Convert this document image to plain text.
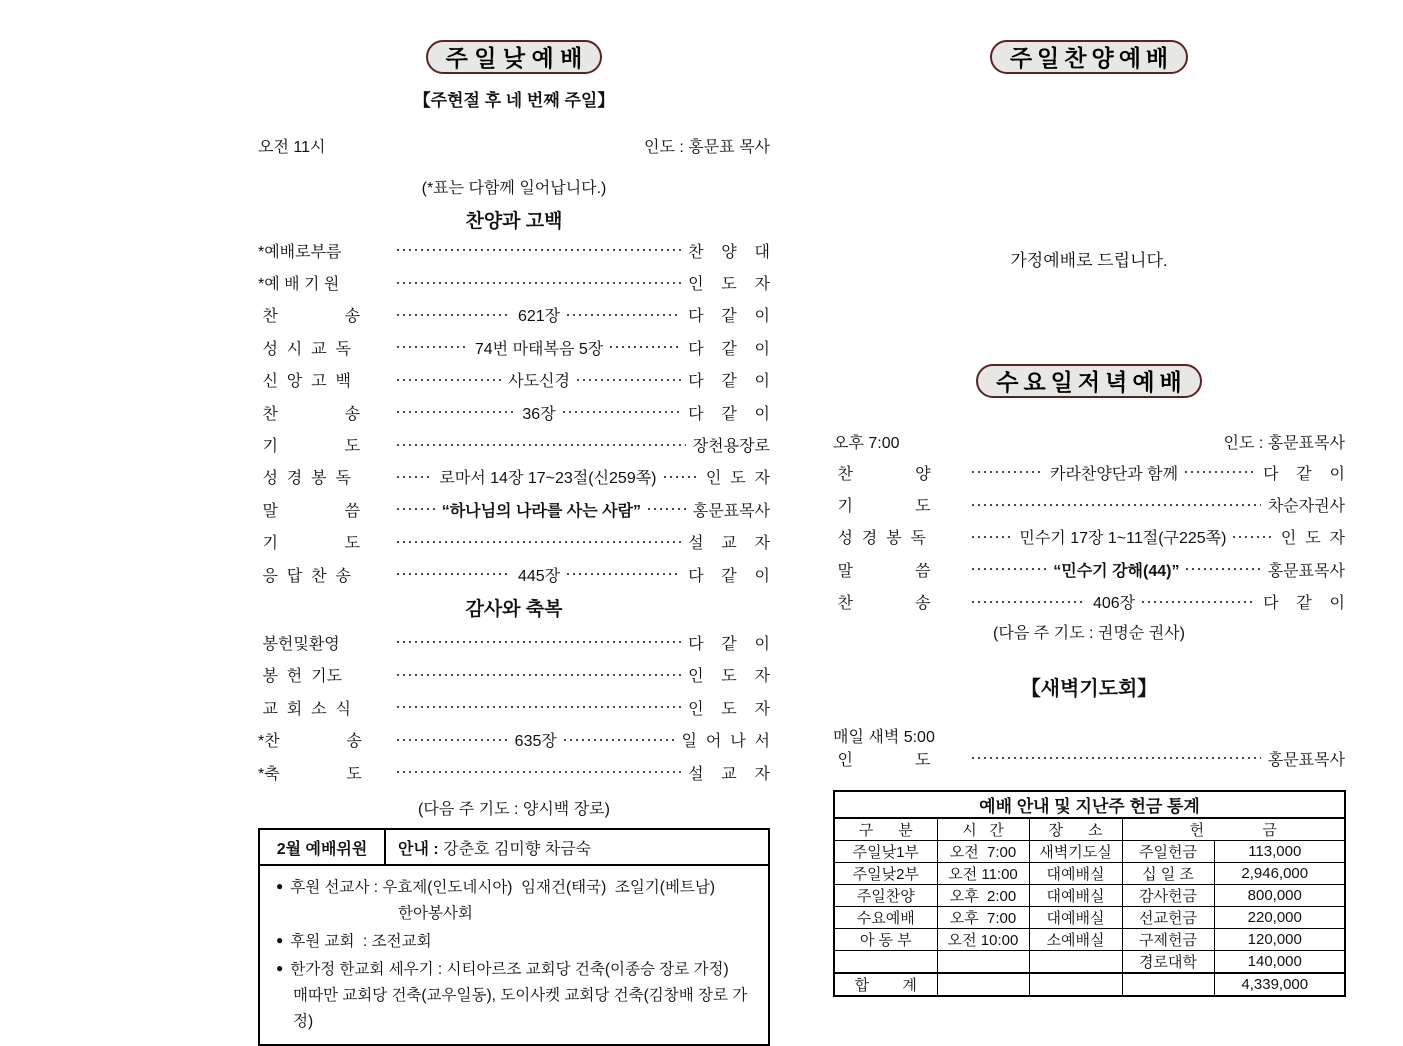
주 일 낮 예 배
【주현절 후 네 번째 주일】
오전 11시	인도 : 홍문표 목사
(*표는 다함께 일어납니다.)
찬양과 고백
*예배로부름	찬    양    대
*예 배 기 원	인    도    자
찬               송	621장	다    같    이
성  시  교  독	74번 마태복음 5장	다    같    이
신  앙  고  백	사도신경	다    같    이
찬               송	36장	다    같    이
기               도	장천용장로
성  경  봉  독	로마서 14장 17~23절(신259쪽)	인  도  자
말               씀	“하나님의 나라를 사는 사람”	홍문표목사
기               도	설    교    자
응  답  찬  송	445장	다    같    이
감사와 축복
봉헌및환영	다    같    이
봉  헌  기도	인    도    자
교  회  소  식	인    도    자
*찬               송	635장	일  어  나  서
*축               도	설    교    자
(다음 주 기도 : 양시백 장로)
2월 예배위원	안내 : 강춘호 김미향 차금숙
● 후원 선교사 : 우효제(인도네시아)  임재건(태국)  조일기(베트남)
한아봉사회
● 후원 교회  : 조전교회
● 한가정 한교회 세우기 : 시티아르조 교회당 건축(이종승 장로 가정)
매따만 교회당 건축(교우일동), 도이사켓 교회당 건축(김창배 장로 가정)
주일찬양예배
가정예배로 드립니다.
수요일저녁예배
오후 7:00	인도 : 홍문표목사
찬              양	카라찬양단과 함께	다    같    이
기              도	차순자권사
성  경  봉  독	민수기 17장 1~11절(구225쪽)	인  도  자
말              씀	“민수기 강해(44)”	홍문표목사
찬              송	406장	다    같    이
(다음 주 기도 : 권명순 권사)
【새벽기도회】
매일 새벽 5:00
인              도	홍문표목사
예배 안내 및 지난주 헌금 통계				
구      분	시   간	장      소	헌              금	
주일낮1부	오전  7:00	새벽기도실	주일헌금	113,000
주일낮2부	오전 11:00	대예배실	십 일 조	2,946,000
주일찬양	오후  2:00	대예배실	감사헌금	800,000
수요예배	오후  7:00	대예배실	선교헌금	220,000
아 동 부	오전 10:00	소예배실	구제헌금	120,000
			경로대학	140,000
합        계				4,339,000
